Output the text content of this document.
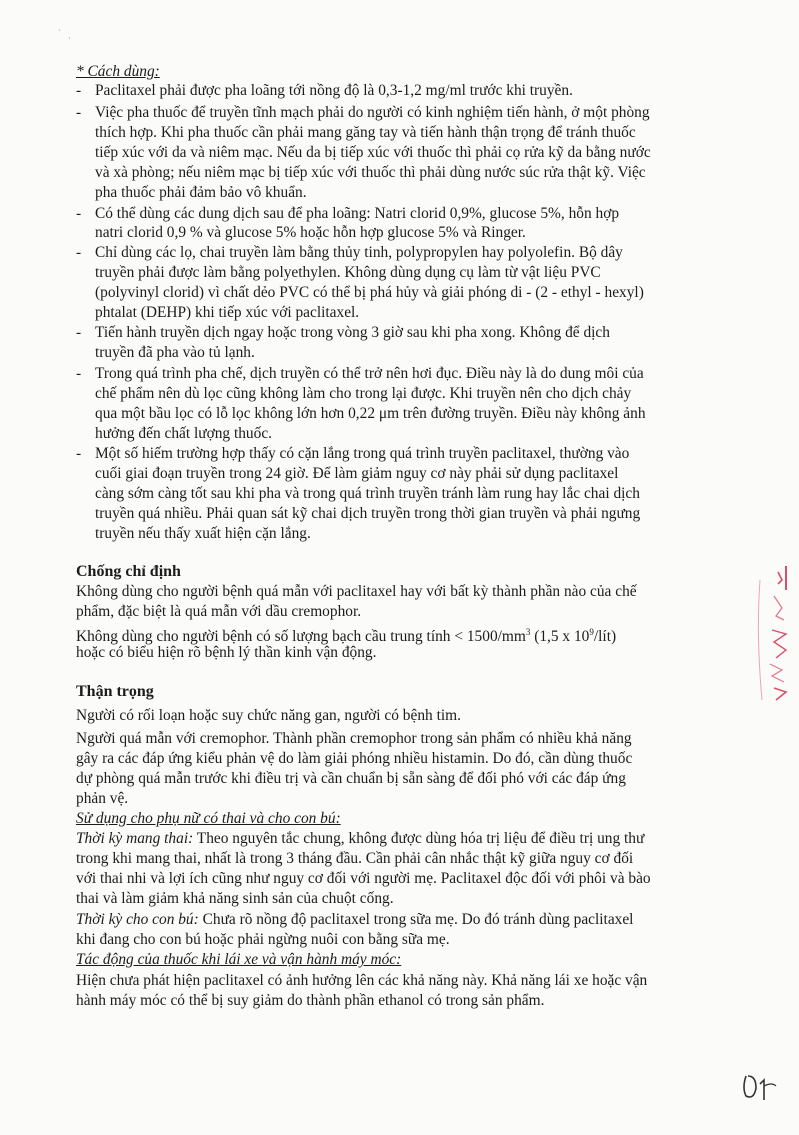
` ·
* Cách dùng:
- Paclitaxel phải được pha loãng tới nồng độ là 0,3-1,2 mg/ml trước khi truyền.
- Việc pha thuốc để truyền tĩnh mạch phải do người có kinh nghiệm tiến hành, ở một phòng
thích hợp. Khi pha thuốc cần phải mang găng tay và tiến hành thận trọng để tránh thuốc
tiếp xúc với da và niêm mạc. Nếu da bị tiếp xúc với thuốc thì phải cọ rửa kỹ da bằng nước
và xà phòng; nếu niêm mạc bị tiếp xúc với thuốc thì phải dùng nước súc rửa thật kỹ. Việc
pha thuốc phải đảm bảo vô khuẩn.
- Có thể dùng các dung dịch sau để pha loãng: Natri clorid 0,9%, glucose 5%, hỗn hợp
natri clorid 0,9 % và glucose 5% hoặc hỗn hợp glucose 5% và Ringer.
- Chỉ dùng các lọ, chai truyền làm bằng thủy tinh, polypropylen hay polyolefin. Bộ dây
truyền phải được làm bằng polyethylen. Không dùng dụng cụ làm từ vật liệu PVC
(polyvinyl clorid) vì chất dẻo PVC có thể bị phá hủy và giải phóng di - (2 - ethyl - hexyl)
phtalat (DEHP) khi tiếp xúc với paclitaxel.
- Tiến hành truyền dịch ngay hoặc trong vòng 3 giờ sau khi pha xong. Không để dịch
truyền đã pha vào tủ lạnh.
- Trong quá trình pha chế, dịch truyền có thể trở nên hơi đục. Điều này là do dung môi của
chế phẩm nên dù lọc cũng không làm cho trong lại được. Khi truyền nên cho dịch chảy
qua một bầu lọc có lỗ lọc không lớn hơn 0,22 μm trên đường truyền. Điều này không ảnh
hưởng đến chất lượng thuốc.
- Một số hiếm trường hợp thấy có cặn lắng trong quá trình truyền paclitaxel, thường vào
cuối giai đoạn truyền trong 24 giờ. Để làm giảm nguy cơ này phải sử dụng paclitaxel
càng sớm càng tốt sau khi pha và trong quá trình truyền tránh làm rung hay lắc chai dịch
truyền quá nhiều. Phải quan sát kỹ chai dịch truyền trong thời gian truyền và phải ngưng
truyền nếu thấy xuất hiện cặn lắng.
Chống chỉ định
Không dùng cho người bệnh quá mẫn với paclitaxel hay với bất kỳ thành phần nào của chế
phẩm, đặc biệt là quá mẫn với dầu cremophor.
Không dùng cho người bệnh có số lượng bạch cầu trung tính < $1500/mm^3$ (1,5 x $10^9/lít$)
hoặc có biểu hiện rõ bệnh lý thần kinh vận động.
Thận trọng
Người có rối loạn hoặc suy chức năng gan, người có bệnh tim.
Người quá mẫn với cremophor. Thành phần cremophor trong sản phẩm có nhiều khả năng
gây ra các đáp ứng kiểu phản vệ do làm giải phóng nhiều histamin. Do đó, cần dùng thuốc
dự phòng quá mẫn trước khi điều trị và cần chuẩn bị sẵn sàng để đối phó với các đáp ứng
phản vệ.
Sử dụng cho phụ nữ có thai và cho con bú:
Thời kỳ mang thai: Theo nguyên tắc chung, không được dùng hóa trị liệu để điều trị ung thư
trong khi mang thai, nhất là trong 3 tháng đầu. Cần phải cân nhắc thật kỹ giữa nguy cơ đối
với thai nhi và lợi ích cũng như nguy cơ đối với người mẹ. Paclitaxel độc đối với phôi và bào
thai và làm giảm khả năng sinh sản của chuột cống.
Thời kỳ cho con bú: Chưa rõ nồng độ paclitaxel trong sữa mẹ. Do đó tránh dùng paclitaxel
khi đang cho con bú hoặc phải ngừng nuôi con bằng sữa mẹ.
Tác động của thuốc khi lái xe và vận hành máy móc:
Hiện chưa phát hiện paclitaxel có ảnh hưởng lên các khả năng này. Khả năng lái xe hoặc vận
hành máy móc có thể bị suy giảm do thành phần ethanol có trong sản phẩm.
